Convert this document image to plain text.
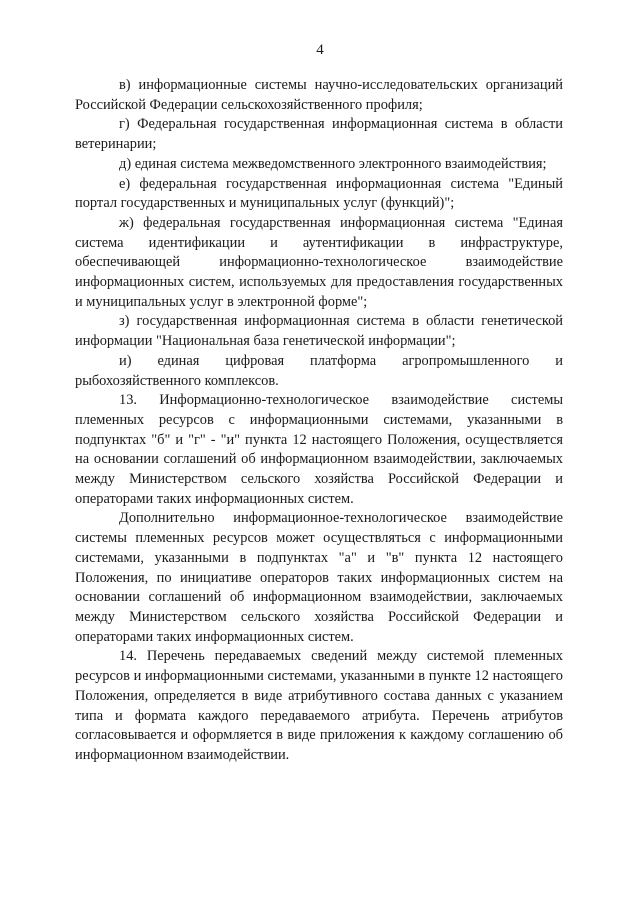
4

в) информационные системы научно-исследовательских организаций Российской Федерации сельскохозяйственного профиля;

г) Федеральная государственная информационная система в области ветеринарии;

д) единая система межведомственного электронного взаимодействия;

е) федеральная государственная информационная система "Единый портал государственных и муниципальных услуг (функций)";

ж) федеральная государственная информационная система "Единая система идентификации и аутентификации в инфраструктуре, обеспечивающей информационно-технологическое взаимодействие информационных систем, используемых для предоставления государственных и муниципальных услуг в электронной форме";

з) государственная информационная система в области генетической информации "Национальная база генетической информации";

и) единая цифровая платформа агропромышленного и рыбохозяйственного комплексов.

13. Информационно-технологическое взаимодействие системы племенных ресурсов с информационными системами, указанными в подпунктах "б" и "г" - "и" пункта 12 настоящего Положения, осуществляется на основании соглашений об информационном взаимодействии, заключаемых между Министерством сельского хозяйства Российской Федерации и операторами таких информационных систем.

Дополнительно информационное-технологическое взаимодействие системы племенных ресурсов может осуществляться с информационными системами, указанными в подпунктах "а" и "в" пункта 12 настоящего Положения, по инициативе операторов таких информационных систем на основании соглашений об информационном взаимодействии, заключаемых между Министерством сельского хозяйства Российской Федерации и операторами таких информационных систем.

14. Перечень передаваемых сведений между системой племенных ресурсов и информационными системами, указанными в пункте 12 настоящего Положения, определяется в виде атрибутивного состава данных с указанием типа и формата каждого передаваемого атрибута. Перечень атрибутов согласовывается и оформляется в виде приложения к каждому соглашению об информационном взаимодействии.
